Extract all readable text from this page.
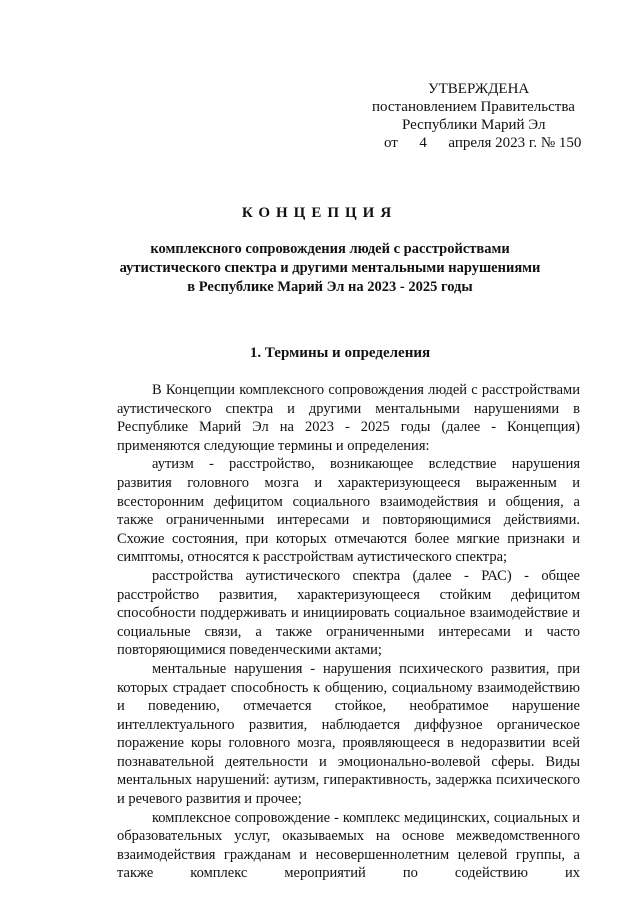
УТВЕРЖДЕНА
постановлением Правительства
Республики Марий Эл
от 4 апреля 2023 г. № 150
КОНЦЕПЦИЯ
комплексного сопровождения людей с расстройствами
аутистического спектра и другими ментальными нарушениями
в Республике Марий Эл на 2023 - 2025 годы
1. Термины и определения

В Концепции комплексного сопровождения людей с расстройствами аутистического спектра и другими ментальными нарушениями в Республике Марий Эл на 2023 - 2025 годы (далее - Концепция) применяются следующие термины и определения:

аутизм - расстройство, возникающее вследствие нарушения развития головного мозга и характеризующееся выраженным и всесторонним дефицитом социального взаимодействия и общения, а также ограниченными интересами и повторяющимися действиями. Схожие состояния, при которых отмечаются более мягкие признаки и симптомы, относятся к расстройствам аутистического спектра;

расстройства аутистического спектра (далее - РАС) - общее расстройство развития, характеризующееся стойким дефицитом способности поддерживать и инициировать социальное взаимодействие и социальные связи, а также ограниченными интересами и часто повторяющимися поведенческими актами;

ментальные нарушения - нарушения психического развития, при которых страдает способность к общению, социальному взаимодействию и поведению, отмечается стойкое, необратимое нарушение интеллектуального развития, наблюдается диффузное органическое поражение коры головного мозга, проявляющееся в недоразвитии всей познавательной деятельности и эмоционально-волевой сферы. Виды ментальных нарушений: аутизм, гиперактивность, задержка психического и речевого развития и прочее;

комплексное сопровождение - комплекс медицинских, социальных и образовательных услуг, оказываемых на основе межведомственного взаимодействия гражданам и несовершеннолетним целевой группы, а также комплекс мероприятий по содействию их
